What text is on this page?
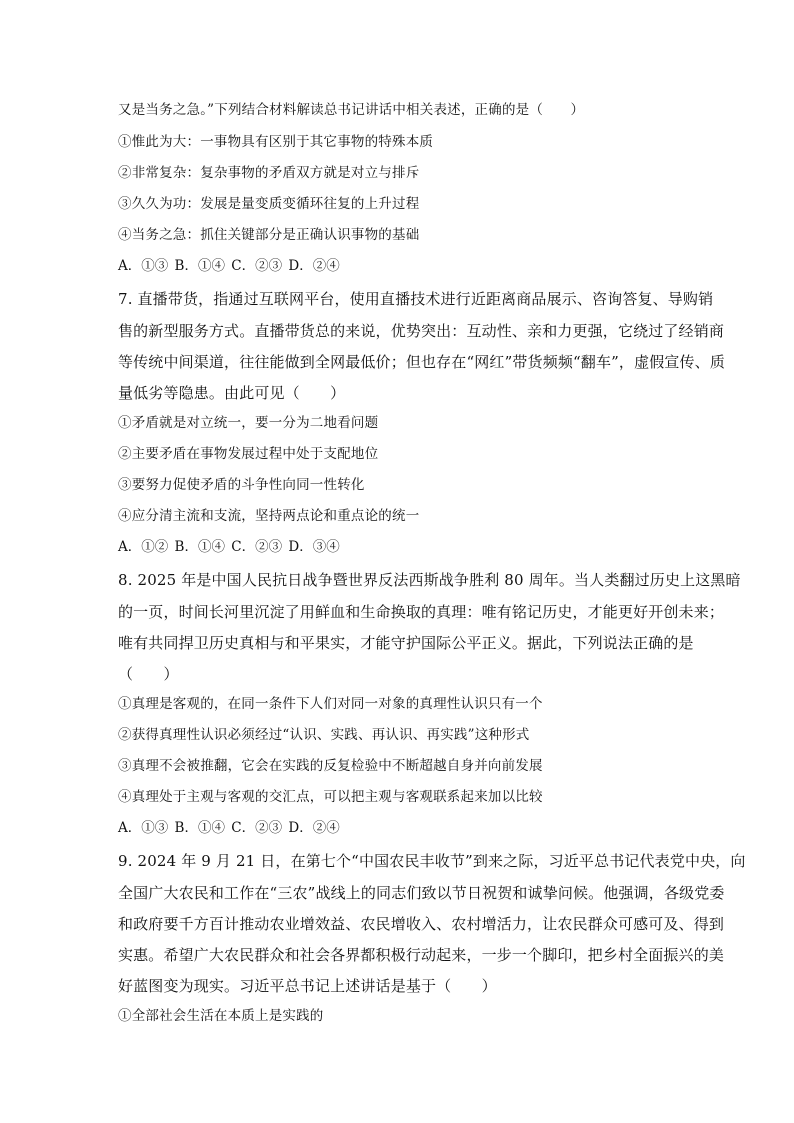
又是当务之急。”下列结合材料解读总书记讲话中相关表述，正确的是（　　）
①惟此为大：一事物具有区别于其它事物的特殊本质
②非常复杂：复杂事物的矛盾双方就是对立与排斥
③久久为功：发展是量变质变循环往复的上升过程
④当务之急：抓住关键部分是正确认识事物的基础
A．①③ B．①④ C．②③ D．②④
7. 直播带货，指通过互联网平台，使用直播技术进行近距离商品展示、咨询答复、导购销
售的新型服务方式。直播带货总的来说，优势突出：互动性、亲和力更强，它绕过了经销商
等传统中间渠道，往往能做到全网最低价；但也存在“网红”带货频频“翻车”，虚假宣传、质
量低劣等隐患。由此可见（　　）
①矛盾就是对立统一，要一分为二地看问题
②主要矛盾在事物发展过程中处于支配地位
③要努力促使矛盾的斗争性向同一性转化
④应分清主流和支流，坚持两点论和重点论的统一
A．①② B．①④ C．②③ D．③④
8. 2025 年是中国人民抗日战争暨世界反法西斯战争胜利 80 周年。当人类翻过历史上这黑暗
的一页，时间长河里沉淀了用鲜血和生命换取的真理：唯有铭记历史，才能更好开创未来；
唯有共同捍卫历史真相与和平果实，才能守护国际公平正义。据此，下列说法正确的是
（　　）
①真理是客观的，在同一条件下人们对同一对象的真理性认识只有一个
②获得真理性认识必须经过“认识、实践、再认识、再实践”这种形式
③真理不会被推翻，它会在实践的反复检验中不断超越自身并向前发展
④真理处于主观与客观的交汇点，可以把主观与客观联系起来加以比较
A．①③ B．①④ C．②③ D．②④
9. 2024 年 9 月 21 日，在第七个“中国农民丰收节”到来之际，习近平总书记代表党中央，向
全国广大农民和工作在“三农”战线上的同志们致以节日祝贺和诚挚问候。他强调，各级党委
和政府要千方百计推动农业增效益、农民增收入、农村增活力，让农民群众可感可及、得到
实惠。希望广大农民群众和社会各界都积极行动起来，一步一个脚印，把乡村全面振兴的美
好蓝图变为现实。习近平总书记上述讲话是基于（　　）
①全部社会生活在本质上是实践的
